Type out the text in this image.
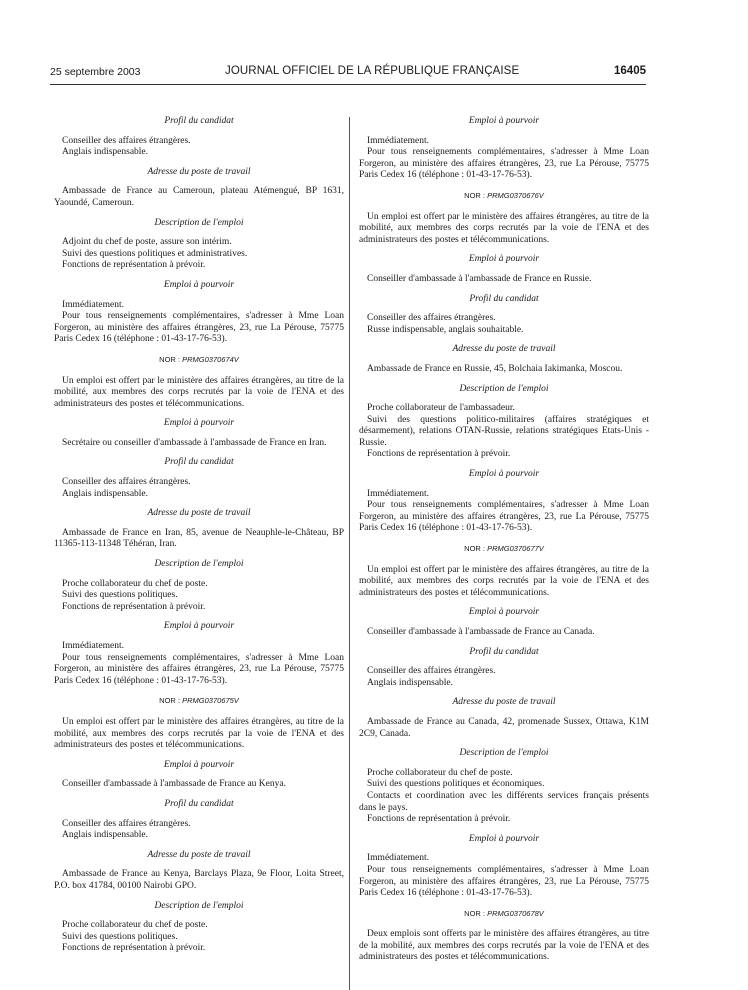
25 septembre 2003	JOURNAL OFFICIEL DE LA RÉPUBLIQUE FRANÇAISE	16405
Profil du candidat
Conseiller des affaires étrangères.
Anglais indispensable.
Adresse du poste de travail
Ambassade de France au Cameroun, plateau Atémengué, BP 1631, Yaoundé, Cameroun.
Description de l'emploi
Adjoint du chef de poste, assure son intérim.
Suivi des questions politiques et administratives.
Fonctions de représentation à prévoir.
Emploi à pourvoir
Immédiatement.
Pour tous renseignements complémentaires, s'adresser à Mme Loan Forgeron, au ministère des affaires étrangères, 23, rue La Pérouse, 75775 Paris Cedex 16 (téléphone : 01-43-17-76-53).
NOR : PRMG0370674V
Un emploi est offert par le ministère des affaires étrangères, au titre de la mobilité, aux membres des corps recrutés par la voie de l'ENA et des administrateurs des postes et télécommunications.
Emploi à pourvoir
Secrétaire ou conseiller d'ambassade à l'ambassade de France en Iran.
Profil du candidat
Conseiller des affaires étrangères.
Anglais indispensable.
Adresse du poste de travail
Ambassade de France en Iran, 85, avenue de Neauphle-le-Château, BP 11365-113-11348 Téhéran, Iran.
Description de l'emploi
Proche collaborateur du chef de poste.
Suivi des questions politiques.
Fonctions de représentation à prévoir.
Emploi à pourvoir
Immédiatement.
Pour tous renseignements complémentaires, s'adresser à Mme Loan Forgeron, au ministère des affaires étrangères, 23, rue La Pérouse, 75775 Paris Cedex 16 (téléphone : 01-43-17-76-53).
NOR : PRMG0370675V
Un emploi est offert par le ministère des affaires étrangères, au titre de la mobilité, aux membres des corps recrutés par la voie de l'ENA et des administrateurs des postes et télécommunications.
Emploi à pourvoir
Conseiller d'ambassade à l'ambassade de France au Kenya.
Profil du candidat
Conseiller des affaires étrangères.
Anglais indispensable.
Adresse du poste de travail
Ambassade de France au Kenya, Barclays Plaza, 9e Floor, Loita Street, P.O. box 41784, 00100 Nairobi GPO.
Description de l'emploi
Proche collaborateur du chef de poste.
Suivi des questions politiques.
Fonctions de représentation à prévoir.
Emploi à pourvoir
Immédiatement.
Pour tous renseignements complémentaires, s'adresser à Mme Loan Forgeron, au ministère des affaires étrangères, 23, rue La Pérouse, 75775 Paris Cedex 16 (téléphone : 01-43-17-76-53).
NOR : PRMG0370676V
Un emploi est offert par le ministère des affaires étrangères, au titre de la mobilité, aux membres des corps recrutés par la voie de l'ENA et des administrateurs des postes et télécommunications.
Emploi à pourvoir
Conseiller d'ambassade à l'ambassade de France en Russie.
Profil du candidat
Conseiller des affaires étrangères.
Russe indispensable, anglais souhaitable.
Adresse du poste de travail
Ambassade de France en Russie, 45, Bolchaia Iakimanka, Moscou.
Description de l'emploi
Proche collaborateur de l'ambassadeur.
Suivi des questions politico-militaires (affaires stratégiques et désarmement), relations OTAN-Russie, relations stratégiques Etats-Unis - Russie.
Fonctions de représentation à prévoir.
Emploi à pourvoir
Immédiatement.
Pour tous renseignements complémentaires, s'adresser à Mme Loan Forgeron, au ministère des affaires étrangères, 23, rue La Pérouse, 75775 Paris Cedex 16 (téléphone : 01-43-17-76-53).
NOR : PRMG0370677V
Un emploi est offert par le ministère des affaires étrangères, au titre de la mobilité, aux membres des corps recrutés par la voie de l'ENA et des administrateurs des postes et télécommunications.
Emploi à pourvoir
Conseiller d'ambassade à l'ambassade de France au Canada.
Profil du candidat
Conseiller des affaires étrangères.
Anglais indispensable.
Adresse du poste de travail
Ambassade de France au Canada, 42, promenade Sussex, Ottawa, K1M 2C9, Canada.
Description de l'emploi
Proche collaborateur du chef de poste.
Suivi des questions politiques et économiques.
Contacts et coordination avec les différents services français présents dans le pays.
Fonctions de représentation à prévoir.
Emploi à pourvoir
Immédiatement.
Pour tous renseignements complémentaires, s'adresser à Mme Loan Forgeron, au ministère des affaires étrangères, 23, rue La Pérouse, 75775 Paris Cedex 16 (téléphone : 01-43-17-76-53).
NOR : PRMG0370678V
Deux emplois sont offerts par le ministère des affaires étrangères, au titre de la mobilité, aux membres des corps recrutés par la voie de l'ENA et des administrateurs des postes et télécommunications.
